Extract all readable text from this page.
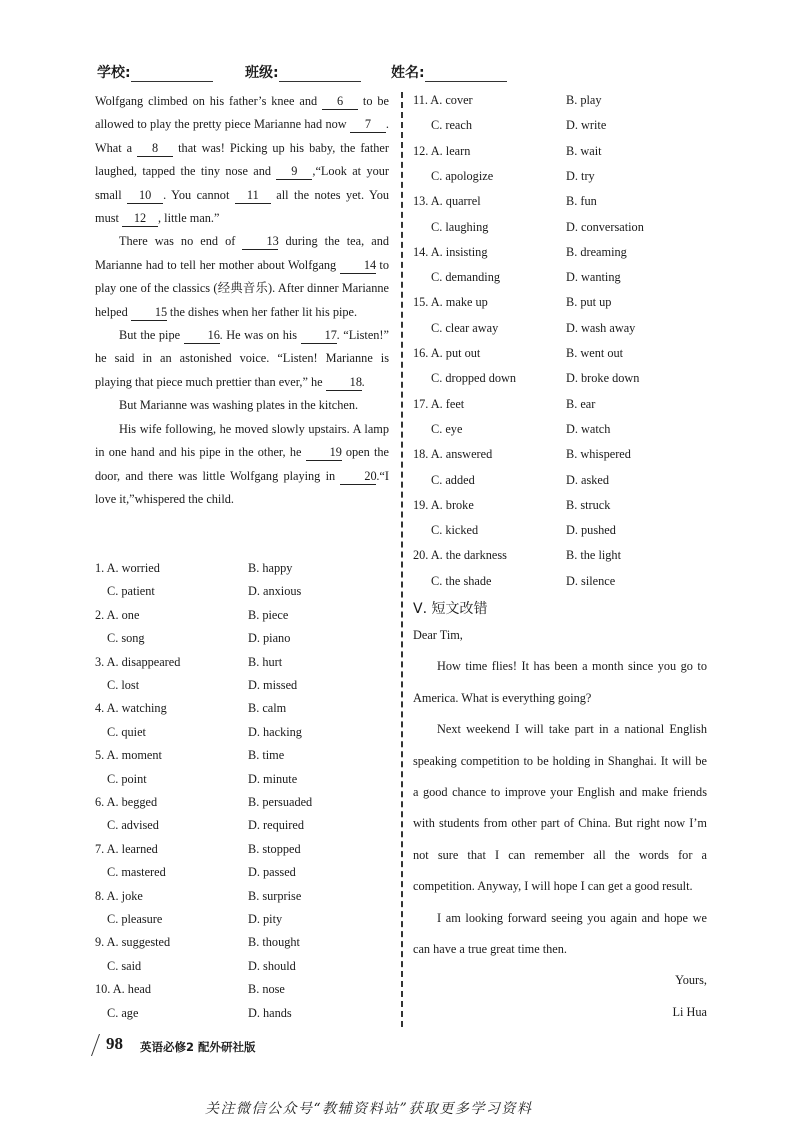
学校:	班级:	姓名:

Wolfgang climbed on his father’s knee and 6 to be allowed to play the pretty piece Marianne had now 7 . What a 8 that was! Picking up his baby, the father laughed, tapped the tiny nose and 9 ,“Look at your small 10 . You cannot 11 all the notes yet. You must 12 , little man.”

There was no end of 13 during the tea, and Marianne had to tell her mother about Wolfgang 14 to play one of the classics (经典音乐). After dinner Marianne helped 15 the dishes when her father lit his pipe.

But the pipe 16. He was on his 17. “Listen!” he said in an astonished voice. “Listen! Marianne is playing that piece much prettier than ever,” he 18.

But Marianne was washing plates in the kitchen.

His wife following, he moved slowly upstairs. A lamp in one hand and his pipe in the other, he 19 open the door, and there was little Wolfgang playing in 20.“I love it,”whispered the child.

1. A. worried	B. happy
C. patient	D. anxious
2. A. one	B. piece
C. song	D. piano
3. A. disappeared	B. hurt
C. lost	D. missed
4. A. watching	B. calm
C. quiet	D. hacking
5. A. moment	B. time
C. point	D. minute
6. A. begged	B. persuaded
C. advised	D. required
7. A. learned	B. stopped
C. mastered	D. passed
8. A. joke	B. surprise
C. pleasure	D. pity
9. A. suggested	B. thought
C. said	D. should
10. A. head	B. nose
C. age	D. hands
11. A. cover	B. play
C. reach	D. write
12. A. learn	B. wait
C. apologize	D. try
13. A. quarrel	B. fun
C. laughing	D. conversation
14. A. insisting	B. dreaming
C. demanding	D. wanting
15. A. make up	B. put up
C. clear away	D. wash away
16. A. put out	B. went out
C. dropped down	D. broke down
17. A. feet	B. ear
C. eye	D. watch
18. A. answered	B. whispered
C. added	D. asked
19. A. broke	B. struck
C. kicked	D. pushed
20. A. the darkness	B. the light
C. the shade	D. silence
Ⅴ. 短文改错

Dear Tim,

How time flies! It has been a month since you go to America. What is everything going?

Next weekend I will take part in a national English speaking competition to be holding in Shanghai. It will be a good chance to improve your English and make friends with students from other part of China. But right now I’m not sure that I can remember all the words for a competition. Anyway, I will hope I can get a good result.

I am looking forward seeing you again and hope we can have a true great time then.

Yours,

Li Hua

98 英语必修2 配外研社版
关注微信公众号“教辅资料站”获取更多学习资料
